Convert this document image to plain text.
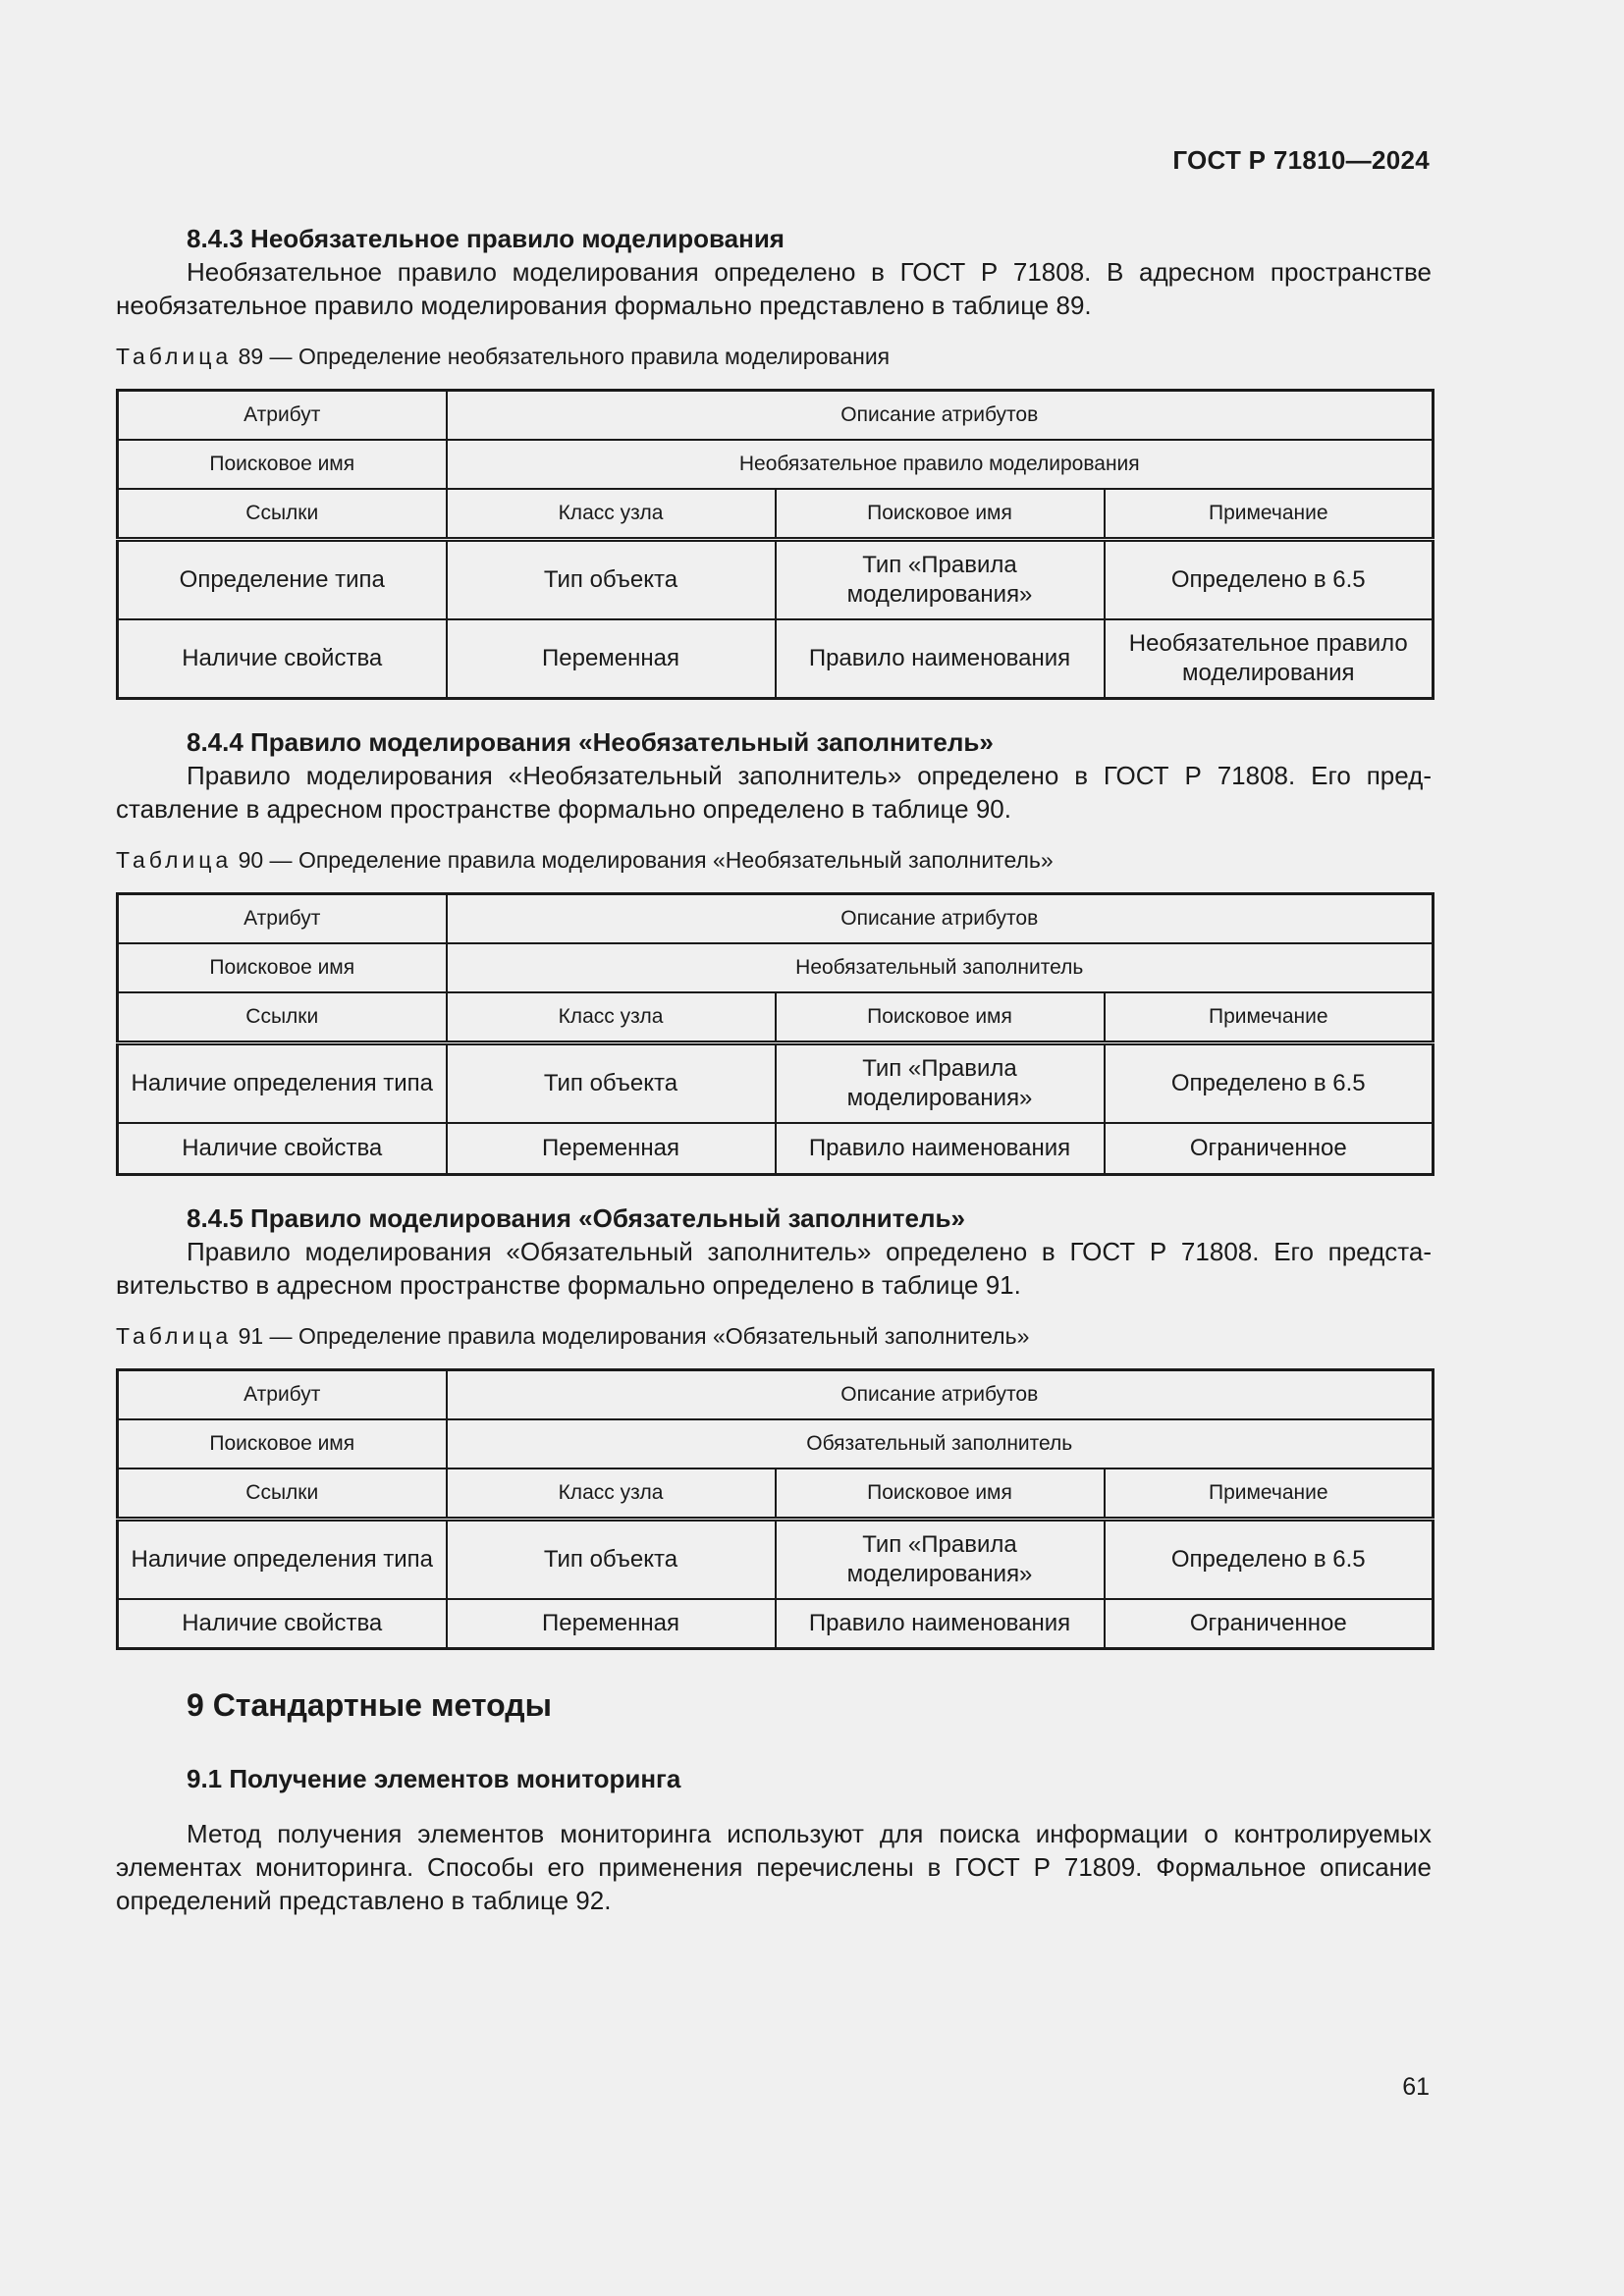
ГОСТ Р 71810—2024

8.4.3 Необязательное правило моделирования

Необязательное правило моделирования определено в ГОСТ Р 71808. В адресном пространстве необязательное правило моделирования формально представлено в таблице 89.

Таблица 89 — Определение необязательного правила моделирования

Атрибут	Описание атрибутов		
Поисковое имя	Необязательное правило моделирования		
Ссылки	Класс узла	Поисковое имя	Примечание
Определение типа	Тип объекта	Тип «Правила моделирования»	Определено в 6.5
Наличие свойства	Переменная	Правило наименования	Необязательное правило моделирования

8.4.4 Правило моделирования «Необязательный заполнитель»

Правило моделирования «Необязательный заполнитель» определено в ГОСТ Р 71808. Его представление в адресном пространстве формально определено в таблице 90.

Таблица 90 — Определение правила моделирования «Необязательный заполнитель»

Атрибут	Описание атрибутов		
Поисковое имя	Необязательный заполнитель		
Ссылки	Класс узла	Поисковое имя	Примечание
Наличие определения типа	Тип объекта	Тип «Правила моделирования»	Определено в 6.5
Наличие свойства	Переменная	Правило наименования	Ограниченное

8.4.5 Правило моделирования «Обязательный заполнитель»

Правило моделирования «Обязательный заполнитель» определено в ГОСТ Р 71808. Его представительство в адресном пространстве формально определено в таблице 91.

Таблица 91 — Определение правила моделирования «Обязательный заполнитель»

Атрибут	Описание атрибутов		
Поисковое имя	Обязательный заполнитель		
Ссылки	Класс узла	Поисковое имя	Примечание
Наличие определения типа	Тип объекта	Тип «Правила моделирования»	Определено в 6.5
Наличие свойства	Переменная	Правило наименования	Ограниченное

9 Стандартные методы

9.1 Получение элементов мониторинга

Метод получения элементов мониторинга используют для поиска информации о контролируемых элементах мониторинга. Способы его применения перечислены в ГОСТ Р 71809. Формальное описание определений представлено в таблице 92.

61
